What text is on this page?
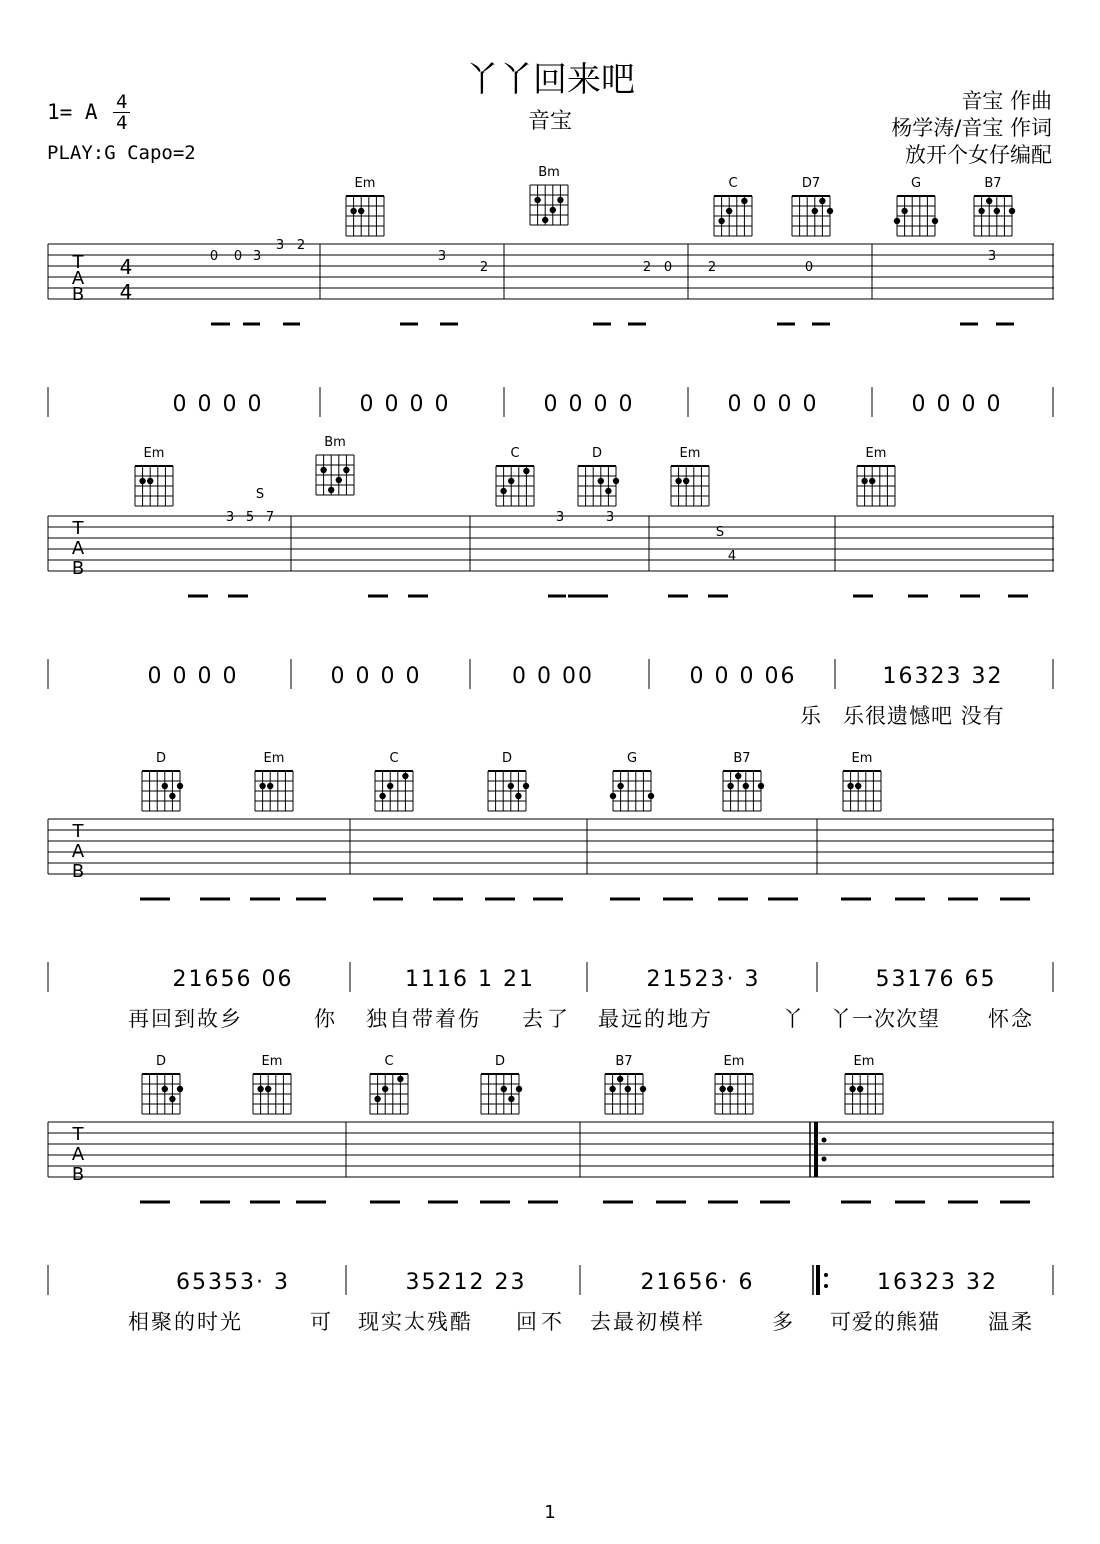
丫丫回来吧
音宝
1= A 4
4
PLAY:G Capo=2
音宝 作曲
杨学涛/音宝 作词
放开个女仔编配
Em
Bm
C	D7	G	B7
T
A
B
4
4
0 0 3
3 2
3
2	2 0	2	0
3
0 0 0 0	0 0 0 0	0 0 0 0	0 0 0 0	0 0 0 0
Em
Bm
C	D	Em	Em
T
A
B
3 5 7	3	3
4
S
S
0 0 0 0	0 0 0 0	0 0 00	0 0 0 06	16323 32
乐 乐很遗憾吧 没有
D	Em	C	D	G	B7	Em
T
A
B
21656 06	1116 1 21	21523· 3	53176 65
再回到故乡	你 独自带着伤 去了 最远的地方	丫 丫一次次望 怀念
D	Em	C	D	B7	Em	Em
T
A
B
65353· 3	35212 23	21656· 6	16323 32
相聚的时光	可 现实太残酷 回不 去最初模样	多 可爱的熊猫 温柔
1
